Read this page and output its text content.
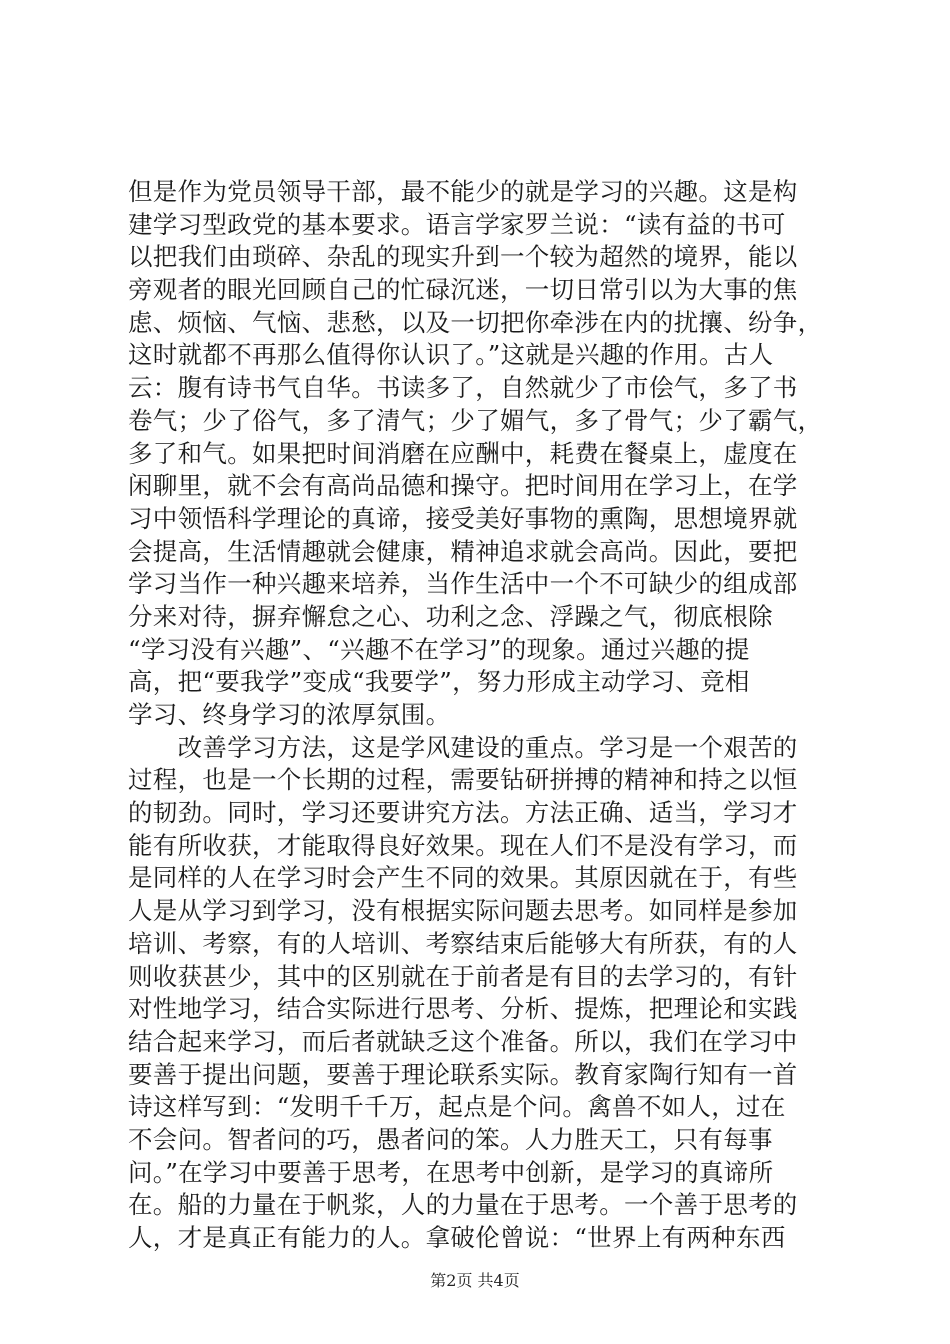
但是作为党员领导干部，最不能少的就是学习的兴趣。这是构
建学习型政党的基本要求。语言学家罗兰说：“读有益的书可
以把我们由琐碎、杂乱的现实升到一个较为超然的境界，能以
旁观者的眼光回顾自己的忙碌沉迷，一切日常引以为大事的焦
虑、烦恼、气恼、悲愁，以及一切把你牵涉在内的扰攘、纷争，
这时就都不再那么值得你认识了。”这就是兴趣的作用。古人
云：腹有诗书气自华。书读多了，自然就少了市侩气，多了书
卷气；少了俗气，多了清气；少了媚气，多了骨气；少了霸气，
多了和气。如果把时间消磨在应酬中，耗费在餐桌上，虚度在
闲聊里，就不会有高尚品德和操守。把时间用在学习上，在学
习中领悟科学理论的真谛，接受美好事物的熏陶，思想境界就
会提高，生活情趣就会健康，精神追求就会高尚。因此，要把
学习当作一种兴趣来培养，当作生活中一个不可缺少的组成部
分来对待，摒弃懈怠之心、功利之念、浮躁之气，彻底根除
“学习没有兴趣”、“兴趣不在学习”的现象。通过兴趣的提
高，把“要我学”变成“我要学”，努力形成主动学习、竞相
学习、终身学习的浓厚氛围。
　　改善学习方法，这是学风建设的重点。学习是一个艰苦的
过程，也是一个长期的过程，需要钻研拼搏的精神和持之以恒
的韧劲。同时，学习还要讲究方法。方法正确、适当，学习才
能有所收获，才能取得良好效果。现在人们不是没有学习，而
是同样的人在学习时会产生不同的效果。其原因就在于，有些
人是从学习到学习，没有根据实际问题去思考。如同样是参加
培训、考察，有的人培训、考察结束后能够大有所获，有的人
则收获甚少，其中的区别就在于前者是有目的去学习的，有针
对性地学习，结合实际进行思考、分析、提炼，把理论和实践
结合起来学习，而后者就缺乏这个准备。所以，我们在学习中
要善于提出问题，要善于理论联系实际。教育家陶行知有一首
诗这样写到：“发明千千万，起点是个问。禽兽不如人，过在
不会问。智者问的巧，愚者问的笨。人力胜天工，只有每事
问。”在学习中要善于思考，在思考中创新，是学习的真谛所
在。船的力量在于帆浆，人的力量在于思考。一个善于思考的
人，才是真正有能力的人。拿破伦曾说：“世界上有两种东西
第2页 共4页
